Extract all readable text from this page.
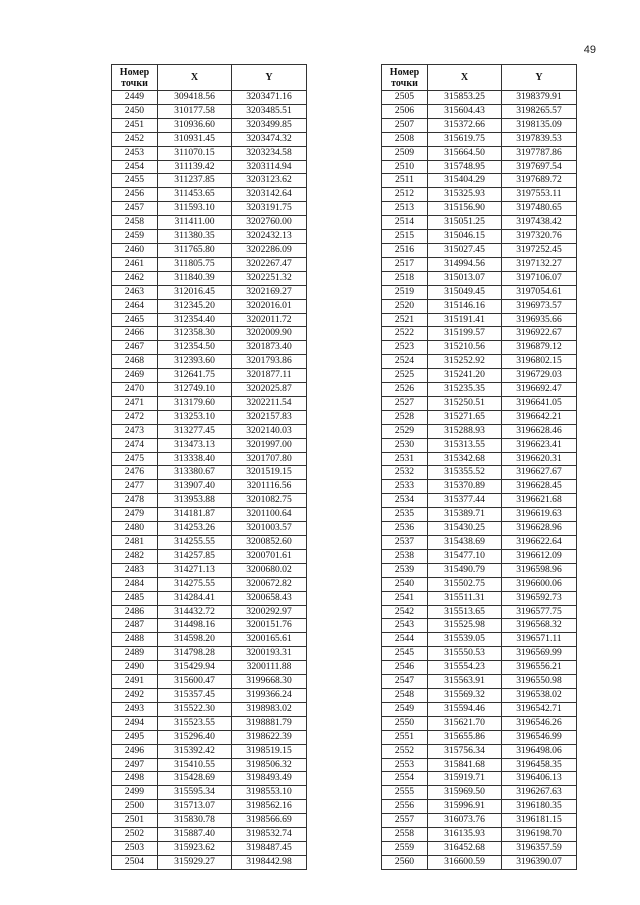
49
Номер точки	X	Y
2449	309418.56	3203471.16
2450	310177.58	3203485.51
2451	310936.60	3203499.85
2452	310931.45	3203474.32
2453	311070.15	3203234.58
2454	311139.42	3203114.94
2455	311237.85	3203123.62
2456	311453.65	3203142.64
2457	311593.10	3203191.75
2458	311411.00	3202760.00
2459	311380.35	3202432.13
2460	311765.80	3202286.09
2461	311805.75	3202267.47
2462	311840.39	3202251.32
2463	312016.45	3202169.27
2464	312345.20	3202016.01
2465	312354.40	3202011.72
2466	312358.30	3202009.90
2467	312354.50	3201873.40
2468	312393.60	3201793.86
2469	312641.75	3201877.11
2470	312749.10	3202025.87
2471	313179.60	3202211.54
2472	313253.10	3202157.83
2473	313277.45	3202140.03
2474	313473.13	3201997.00
2475	313338.40	3201707.80
2476	313380.67	3201519.15
2477	313907.40	3201116.56
2478	313953.88	3201082.75
2479	314181.87	3201100.64
2480	314253.26	3201003.57
2481	314255.55	3200852.60
2482	314257.85	3200701.61
2483	314271.13	3200680.02
2484	314275.55	3200672.82
2485	314284.41	3200658.43
2486	314432.72	3200292.97
2487	314498.16	3200151.76
2488	314598.20	3200165.61
2489	314798.28	3200193.31
2490	315429.94	3200111.88
2491	315600.47	3199668.30
2492	315357.45	3199366.24
2493	315522.30	3198983.02
2494	315523.55	3198881.79
2495	315296.40	3198622.39
2496	315392.42	3198519.15
2497	315410.55	3198506.32
2498	315428.69	3198493.49
2499	315595.34	3198553.10
2500	315713.07	3198562.16
2501	315830.78	3198566.69
2502	315887.40	3198532.74
2503	315923.62	3198487.45
2504	315929.27	3198442.98
Номер точки	X	Y
2505	315853.25	3198379.91
2506	315604.43	3198265.57
2507	315372.66	3198135.09
2508	315619.75	3197839.53
2509	315664.50	3197787.86
2510	315748.95	3197697.54
2511	315404.29	3197689.72
2512	315325.93	3197553.11
2513	315156.90	3197480.65
2514	315051.25	3197438.42
2515	315046.15	3197320.76
2516	315027.45	3197252.45
2517	314994.56	3197132.27
2518	315013.07	3197106.07
2519	315049.45	3197054.61
2520	315146.16	3196973.57
2521	315191.41	3196935.66
2522	315199.57	3196922.67
2523	315210.56	3196879.12
2524	315252.92	3196802.15
2525	315241.20	3196729.03
2526	315235.35	3196692.47
2527	315250.51	3196641.05
2528	315271.65	3196642.21
2529	315288.93	3196628.46
2530	315313.55	3196623.41
2531	315342.68	3196620.31
2532	315355.52	3196627.67
2533	315370.89	3196628.45
2534	315377.44	3196621.68
2535	315389.71	3196619.63
2536	315430.25	3196628.96
2537	315438.69	3196622.64
2538	315477.10	3196612.09
2539	315490.79	3196598.96
2540	315502.75	3196600.06
2541	315511.31	3196592.73
2542	315513.65	3196577.75
2543	315525.98	3196568.32
2544	315539.05	3196571.11
2545	315550.53	3196569.99
2546	315554.23	3196556.21
2547	315563.91	3196550.98
2548	315569.32	3196538.02
2549	315594.46	3196542.71
2550	315621.70	3196546.26
2551	315655.86	3196546.99
2552	315756.34	3196498.06
2553	315841.68	3196458.35
2554	315919.71	3196406.13
2555	315969.50	3196267.63
2556	315996.91	3196180.35
2557	316073.76	3196181.15
2558	316135.93	3196198.70
2559	316452.68	3196357.59
2560	316600.59	3196390.07
